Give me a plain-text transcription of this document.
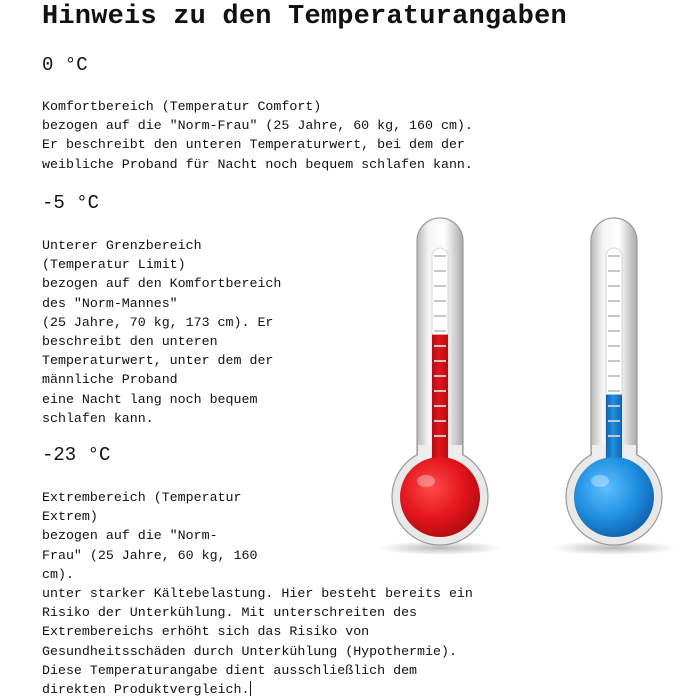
Hinweis zu den Temperaturangaben
0 °C
Komfortbereich (Temperatur Comfort)
bezogen auf die "Norm-Frau" (25 Jahre, 60 kg, 160 cm).
Er beschreibt den unteren Temperaturwert, bei dem der
weibliche Proband für Nacht noch bequem schlafen kann.
-5 °C
Unterer Grenzbereich
(Temperatur Limit)
bezogen auf den Komfortbereich
des "Norm-Mannes"
(25 Jahre, 70 kg, 173 cm). Er
beschreibt den unteren
Temperaturwert, unter dem der
männliche Proband
eine Nacht lang noch bequem
schlafen kann.
-23 °C
Extrembereich (Temperatur
Extrem)
bezogen auf die "Norm-
Frau" (25 Jahre, 60 kg, 160
cm).
unter starker Kältebelastung. Hier besteht bereits ein
Risiko der Unterkühlung. Mit unterschreiten des
Extrembereichs erhöht sich das Risiko von
Gesundheitsschäden durch Unterkühlung (Hypothermie).
Diese Temperaturangabe dient ausschließlich dem
direkten Produktvergleich.
